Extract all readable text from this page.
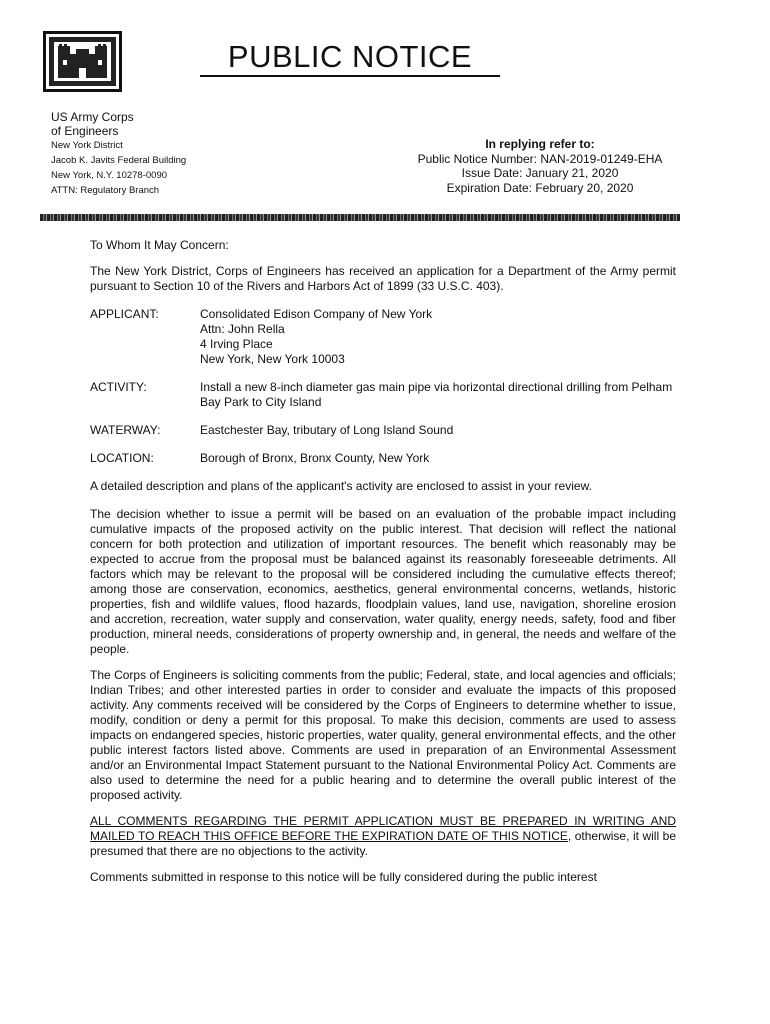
PUBLIC NOTICE
US Army Corps
of Engineers
New York District
Jacob K. Javits Federal Building
New York, N.Y. 10278-0090
ATTN: Regulatory Branch
In replying refer to:
Public Notice Number: NAN-2019-01249-EHA
Issue Date: January 21, 2020
Expiration Date: February 20, 2020

To Whom It May Concern:

The New York District, Corps of Engineers has received an application for a Department of the Army permit pursuant to Section 10 of the Rivers and Harbors Act of 1899 (33 U.S.C. 403).

APPLICANT:	Consolidated Edison Company of New York
Attn: John Rella
4 Irving Place
New York, New York 10003
ACTIVITY:	Install a new 8-inch diameter gas main pipe via horizontal directional drilling from Pelham Bay Park to City Island
WATERWAY:	Eastchester Bay, tributary of Long Island Sound
LOCATION:	Borough of Bronx, Bronx County, New York

A detailed description and plans of the applicant's activity are enclosed to assist in your review.

The decision whether to issue a permit will be based on an evaluation of the probable impact including cumulative impacts of the proposed activity on the public interest. That decision will reflect the national concern for both protection and utilization of important resources. The benefit which reasonably may be expected to accrue from the proposal must be balanced against its reasonably foreseeable detriments. All factors which may be relevant to the proposal will be considered including the cumulative effects thereof; among those are conservation, economics, aesthetics, general environmental concerns, wetlands, historic properties, fish and wildlife values, flood hazards, floodplain values, land use, navigation, shoreline erosion and accretion, recreation, water supply and conservation, water quality, energy needs, safety, food and fiber production, mineral needs, considerations of property ownership and, in general, the needs and welfare of the people.

The Corps of Engineers is soliciting comments from the public; Federal, state, and local agencies and officials; Indian Tribes; and other interested parties in order to consider and evaluate the impacts of this proposed activity. Any comments received will be considered by the Corps of Engineers to determine whether to issue, modify, condition or deny a permit for this proposal. To make this decision, comments are used to assess impacts on endangered species, historic properties, water quality, general environmental effects, and the other public interest factors listed above. Comments are used in preparation of an Environmental Assessment and/or an Environmental Impact Statement pursuant to the National Environmental Policy Act. Comments are also used to determine the need for a public hearing and to determine the overall public interest of the proposed activity.

ALL COMMENTS REGARDING THE PERMIT APPLICATION MUST BE PREPARED IN WRITING AND MAILED TO REACH THIS OFFICE BEFORE THE EXPIRATION DATE OF THIS NOTICE, otherwise, it will be presumed that there are no objections to the activity.

Comments submitted in response to this notice will be fully considered during the public interest
